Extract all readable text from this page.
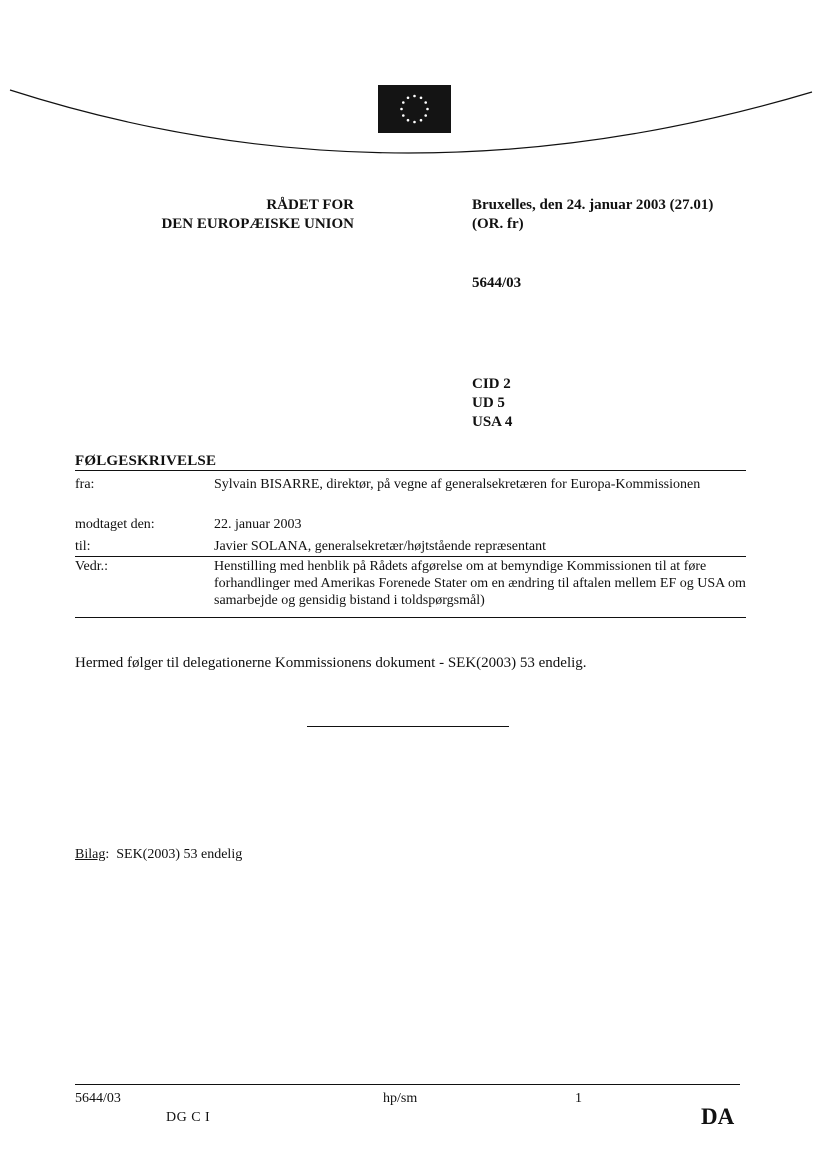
RÅDET FOR
DEN EUROPÆISKE UNION
Bruxelles, den 24. januar 2003 (27.01)
(OR. fr)
5644/03
CID 2
UD 5
USA 4
FØLGESKRIVELSE
fra:	Sylvain BISARRE, direktør, på vegne af generalsekretæren for Europa-Kommissionen
modtaget den:	22. januar 2003
til:	Javier SOLANA, generalsekretær/højtstående repræsentant
Vedr.:	Henstilling med henblik på Rådets afgørelse om at bemyndige Kommissionen til at føre forhandlinger med Amerikas Forenede Stater om en ændring til aftalen mellem EF og USA om samarbejde og gensidig bistand i toldspørgsmål)
Hermed følger til delegationerne Kommissionens dokument - SEK(2003) 53 endelig.
Bilag:  SEK(2003) 53 endelig
5644/03	hp/sm	1
DG C I	DA
